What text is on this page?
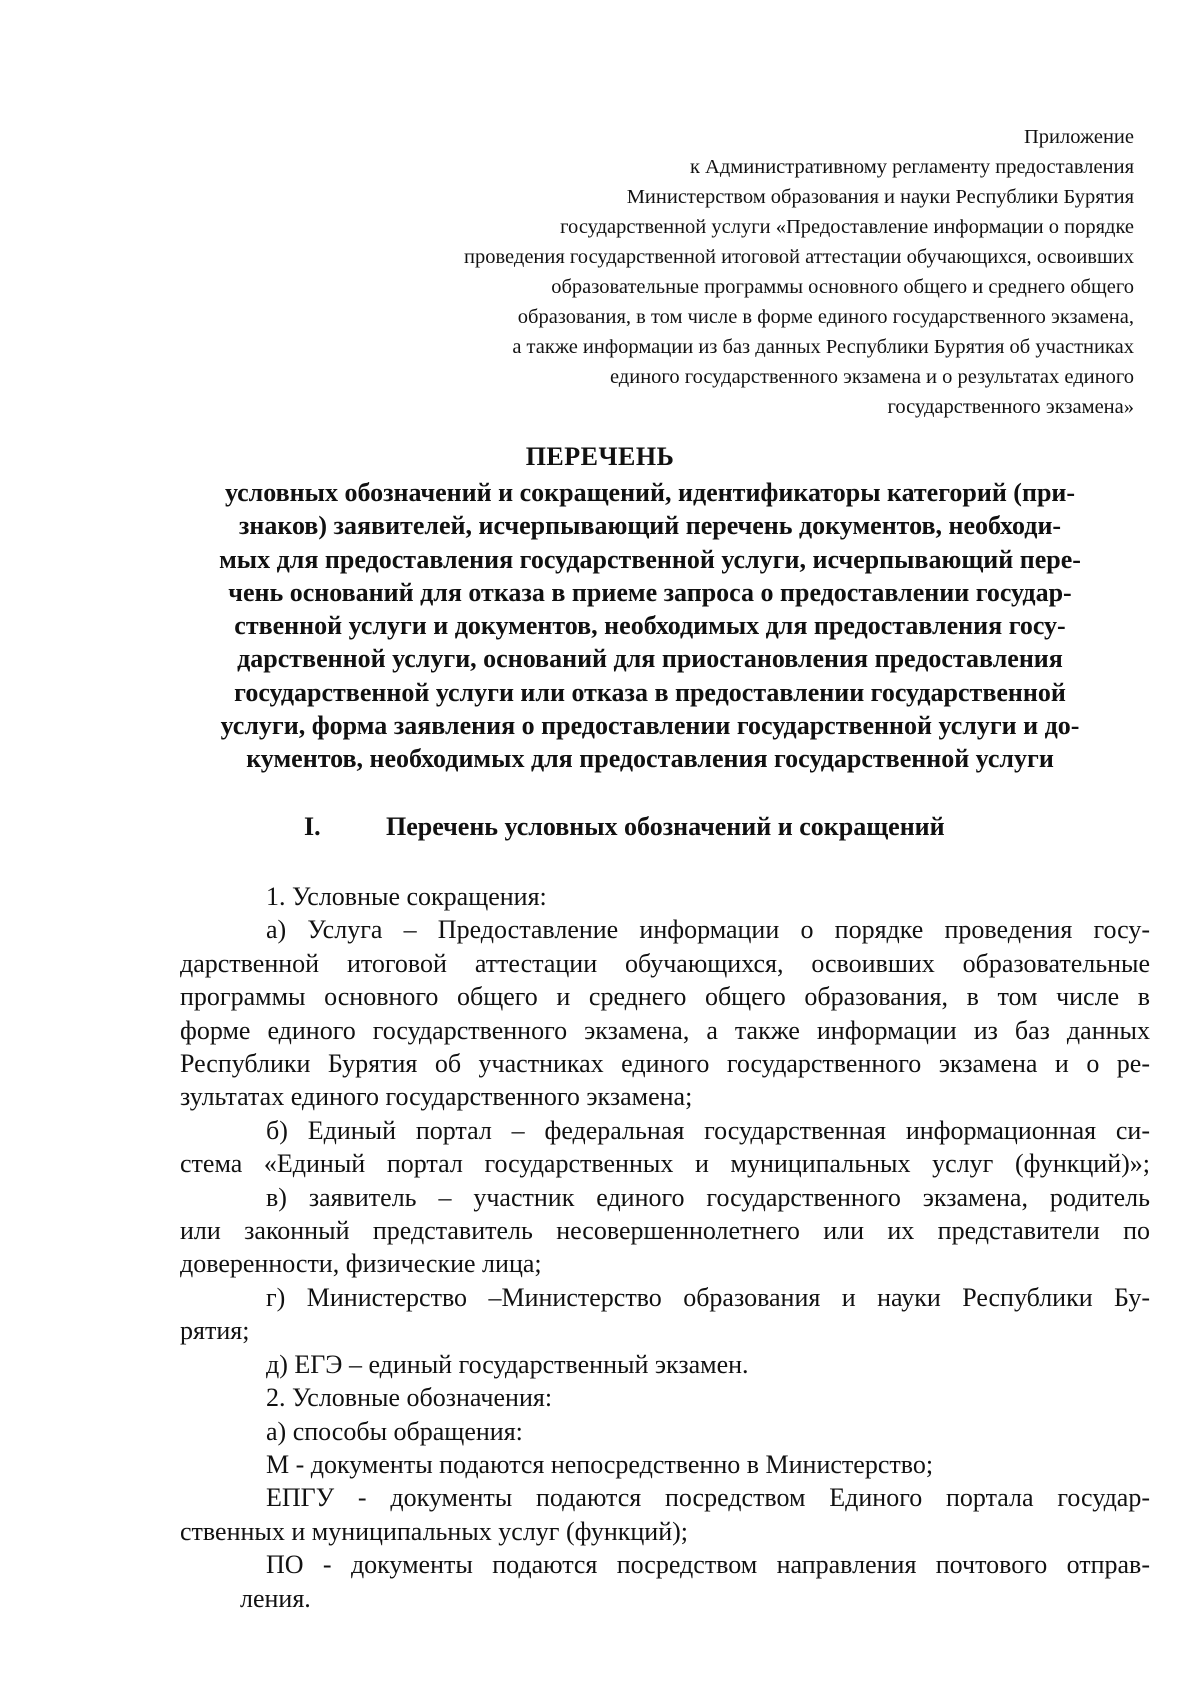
Приложение
к Административному регламенту предоставления
Министерством образования и науки Республики Бурятия
государственной услуги «Предоставление информации о порядке
проведения государственной итоговой аттестации обучающихся, освоивших
образовательные программы основного общего и среднего общего
образования, в том числе в форме единого государственного экзамена,
а также информации из баз данных Республики Бурятия об участниках
единого государственного экзамена и о результатах единого
государственного экзамена»
ПЕРЕЧЕНЬ
условных обозначений и сокращений, идентификаторы категорий (при-
знаков) заявителей, исчерпывающий перечень документов, необходи-
мых для предоставления государственной услуги, исчерпывающий пере-
чень оснований для отказа в приеме запроса о предоставлении государ-
ственной услуги и документов, необходимых для предоставления госу-
дарственной услуги, оснований для приостановления предоставления
государственной услуги или отказа в предоставлении государственной
услуги, форма заявления о предоставлении государственной услуги и до-
кументов, необходимых для предоставления государственной услуги
I.	Перечень условных обозначений и сокращений
1. Условные сокращения:
а) Услуга – Предоставление информации о порядке проведения госу-
дарственной итоговой аттестации обучающихся, освоивших образовательные
программы основного общего и среднего общего образования, в том числе в
форме единого государственного экзамена, а также информации из баз данных
Республики Бурятия об участниках единого государственного экзамена и о ре-
зультатах единого государственного экзамена;
б) Единый портал – федеральная государственная информационная си-
стема «Единый портал государственных и муниципальных услуг (функций)»;
в) заявитель – участник единого государственного экзамена, родитель
или законный представитель несовершеннолетнего или их представители по
доверенности, физические лица;
г) Министерство –Министерство образования и науки Республики Бу-
рятия;
д) ЕГЭ – единый государственный экзамен.
2. Условные обозначения:
а) способы обращения:
М - документы подаются непосредственно в Министерство;
ЕПГУ - документы подаются посредством Единого портала государ-
ственных и муниципальных услуг (функций);
ПО - документы подаются посредством направления почтового отправ-
ления.
